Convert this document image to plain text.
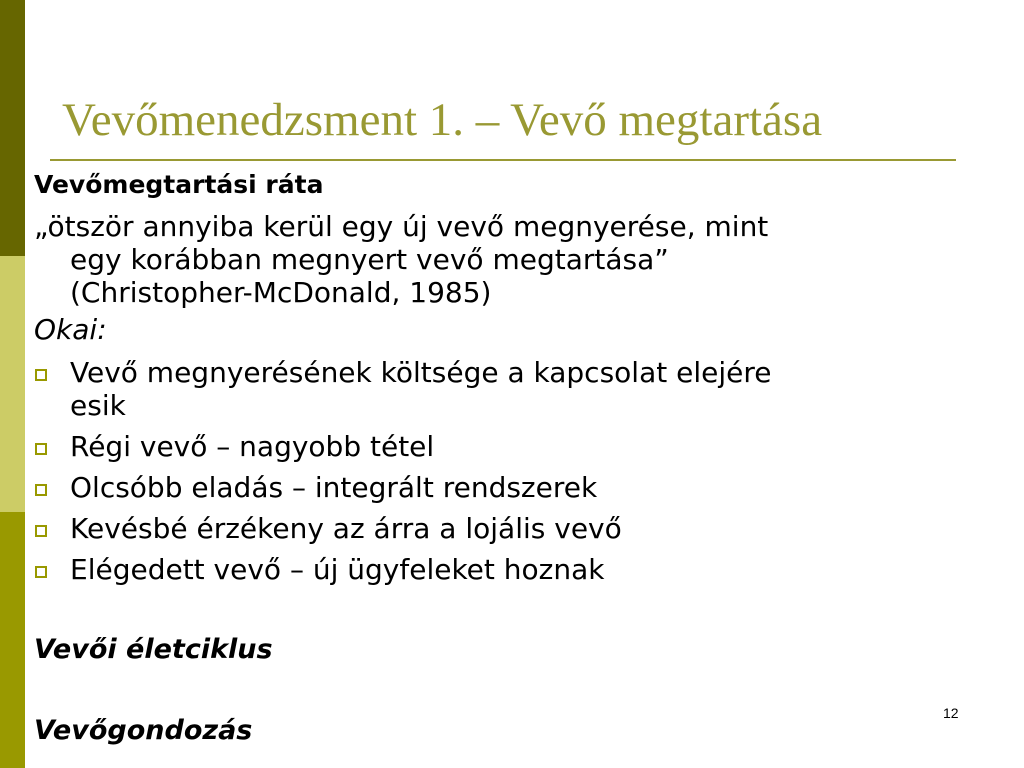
Vevőmenedzsment 1. – Vevő megtartása
Vevőmegtartási ráta
„ötször annyiba kerül egy új vevő megnyerése, mint
egy korábban megnyert vevő megtartása”
(Christopher-McDonald, 1985)
Okai:
Vevő megnyerésének költsége a kapcsolat elejére
esik
Régi vevő – nagyobb tétel
Olcsóbb eladás – integrált rendszerek
Kevésbé érzékeny az árra a lojális vevő
Elégedett vevő – új ügyfeleket hoznak
Vevői életciklus
Vevőgondozás
12
